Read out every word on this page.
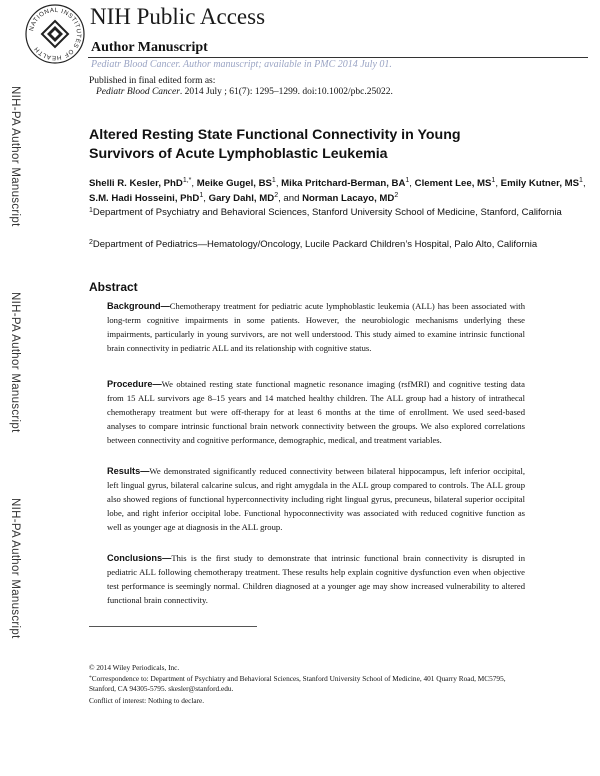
NATIONAL INSTITUTES OF HEALTH
NIH Public Access
Author Manuscript
Pediatr Blood Cancer. Author manuscript; available in PMC 2014 July 01.
Published in final edited form as:
Pediatr Blood Cancer. 2014 July ; 61(7): 1295–1299. doi:10.1002/pbc.25022.
NIH-PA Author Manuscript
NIH-PA Author Manuscript
NIH-PA Author Manuscript
Altered Resting State Functional Connectivity in Young Survivors of Acute Lymphoblastic Leukemia
Shelli R. Kesler, PhD$^{1,*}$, Meike Gugel, $BS^1$, Mika Pritchard-Berman, $BA^1$, Clement Lee, $MS^1$, Emily Kutner, $MS^1$, S.M. Hadi Hosseini, PhD$^1$, Gary Dahl, $MD^2$, and Norman Lacayo, $MD^2$
$^1$Department of Psychiatry and Behavioral Sciences, Stanford University School of Medicine, Stanford, California
$^2$Department of Pediatrics—Hematology/Oncology, Lucile Packard Children’s Hospital, Palo Alto, California
Abstract
Background—Chemotherapy treatment for pediatric acute lymphoblastic leukemia (ALL) has been associated with long-term cognitive impairments in some patients. However, the neurobiologic mechanisms underlying these impairments, particularly in young survivors, are not well understood. This study aimed to examine intrinsic functional brain connectivity in pediatric ALL and its relationship with cognitive status.
Procedure—We obtained resting state functional magnetic resonance imaging (rsfMRI) and cognitive testing data from 15 ALL survivors age 8–15 years and 14 matched healthy children. The ALL group had a history of intrathecal chemotherapy treatment but were off-therapy for at least 6 months at the time of enrollment. We used seed-based analyses to compare intrinsic functional brain network connectivity between the groups. We also explored correlations between connectivity and cognitive performance, demographic, medical, and treatment variables.
Results—We demonstrated significantly reduced connectivity between bilateral hippocampus, left inferior occipital, left lingual gyrus, bilateral calcarine sulcus, and right amygdala in the ALL group compared to controls. The ALL group also showed regions of functional hyperconnectivity including right lingual gyrus, precuneus, bilateral superior occipital lobe, and right inferior occipital lobe. Functional hypoconnectivity was associated with reduced cognitive function as well as younger age at diagnosis in the ALL group.
Conclusions—This is the first study to demonstrate that intrinsic functional brain connectivity is disrupted in pediatric ALL following chemotherapy treatment. These results help explain cognitive dysfunction even when objective test performance is seemingly normal. Children diagnosed at a younger age may show increased vulnerability to altered functional brain connectivity.
© 2014 Wiley Periodicals, Inc.
*Correspondence to: Department of Psychiatry and Behavioral Sciences, Stanford University School of Medicine, 401 Quarry Road, MC5795, Stanford, CA 94305-5795. skesler@stanford.edu.
Conflict of interest: Nothing to declare.
